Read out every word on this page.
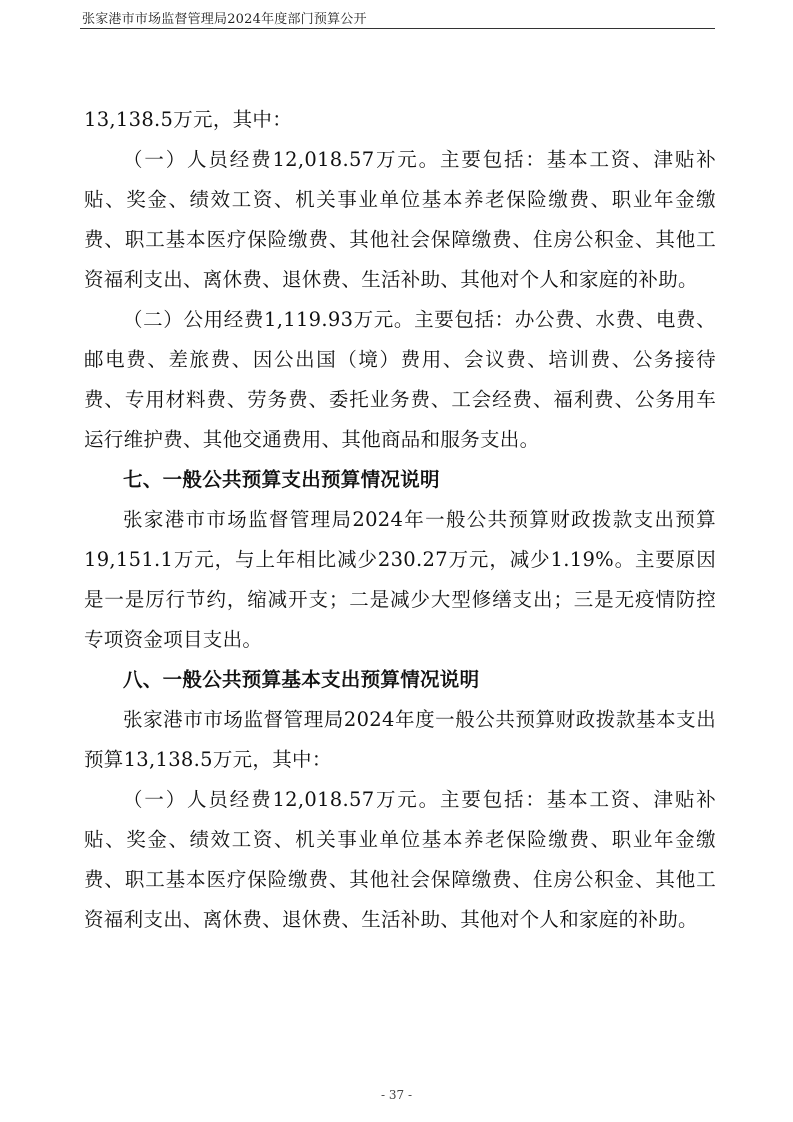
张家港市市场监督管理局2024年度部门预算公开

13,138.5万元，其中：

（一）人员经费12,018.57万元。主要包括：基本工资、津贴补贴、奖金、绩效工资、机关事业单位基本养老保险缴费、职业年金缴费、职工基本医疗保险缴费、其他社会保障缴费、住房公积金、其他工资福利支出、离休费、退休费、生活补助、其他对个人和家庭的补助。

（二）公用经费1,119.93万元。主要包括：办公费、水费、电费、邮电费、差旅费、因公出国（境）费用、会议费、培训费、公务接待费、专用材料费、劳务费、委托业务费、工会经费、福利费、公务用车运行维护费、其他交通费用、其他商品和服务支出。

七、一般公共预算支出预算情况说明

张家港市市场监督管理局2024年一般公共预算财政拨款支出预算19,151.1万元，与上年相比减少230.27万元，减少1.19%。主要原因是一是厉行节约，缩减开支；二是减少大型修缮支出；三是无疫情防控专项资金项目支出。

八、一般公共预算基本支出预算情况说明

张家港市市场监督管理局2024年度一般公共预算财政拨款基本支出预算13,138.5万元，其中：

（一）人员经费12,018.57万元。主要包括：基本工资、津贴补贴、奖金、绩效工资、机关事业单位基本养老保险缴费、职业年金缴费、职工基本医疗保险缴费、其他社会保障缴费、住房公积金、其他工资福利支出、离休费、退休费、生活补助、其他对个人和家庭的补助。

- 37 -
